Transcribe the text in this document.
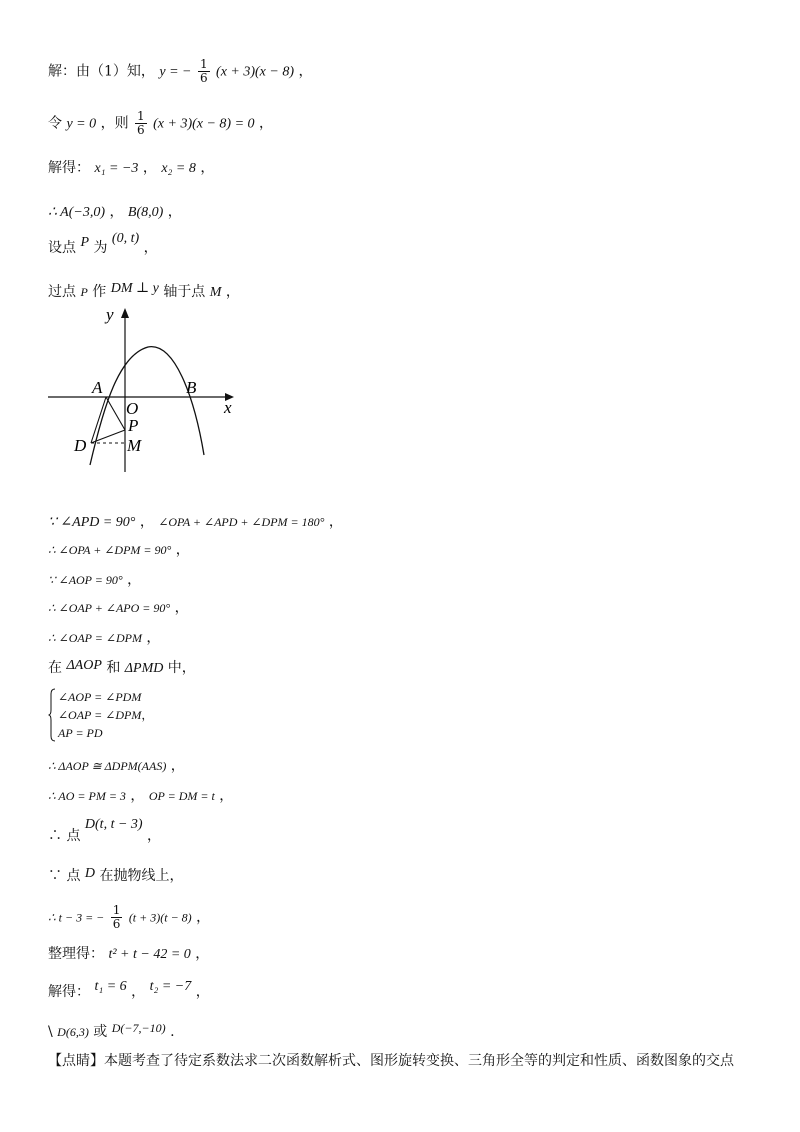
解：由（1）知， y = − $\frac{1}{6} (x + 3)(x - 8)$ ，
令 y = 0 ，则 $\frac{1}{6} (x + 3)(x - 8) = 0$ ，
解得： x₁ = −3 ， x₂ = 8 ，
∴ A(−3,0) ， B(8,0) ，
设点 P 为 (0, t) ，
过点 P 作 DM ⊥ y 轴于点 M ，
y
x
A	B
O
P
D M
∵ ∠APD = 90° ， ∠OPA + ∠APD + ∠DPM = 180° ，
∴ ∠OPA + ∠DPM = 90° ，
∵ ∠AOP = 90° ，
∴ ∠OAP + ∠APO = 90° ，
∴ ∠OAP = ∠DPM ，
在 ΔAOP 和 ΔPMD 中，
∠AOP = ∠PDM
∠OAP = ∠DPM，
AP = PD
∴ ΔAOP ≅ ΔDPM(AAS) ，
∴ AO = PM = 3 ， OP = DM = t ，
∴ 点 D(t, t − 3) ，
∵ 点 D 在抛物线上，
∴ t − 3 = − $\frac{1}{6} (t + 3)(t - 8)$ ，
整理得： t² + t − 42 = 0 ，
解得： t₁ = 6 ， t₂ = −7 ，
\ D(6,3) 或 D(−7,−10) .
【点睛】本题考查了待定系数法求二次函数解析式、图形旋转变换、三角形全等的判定和性质、函数图象的交点
